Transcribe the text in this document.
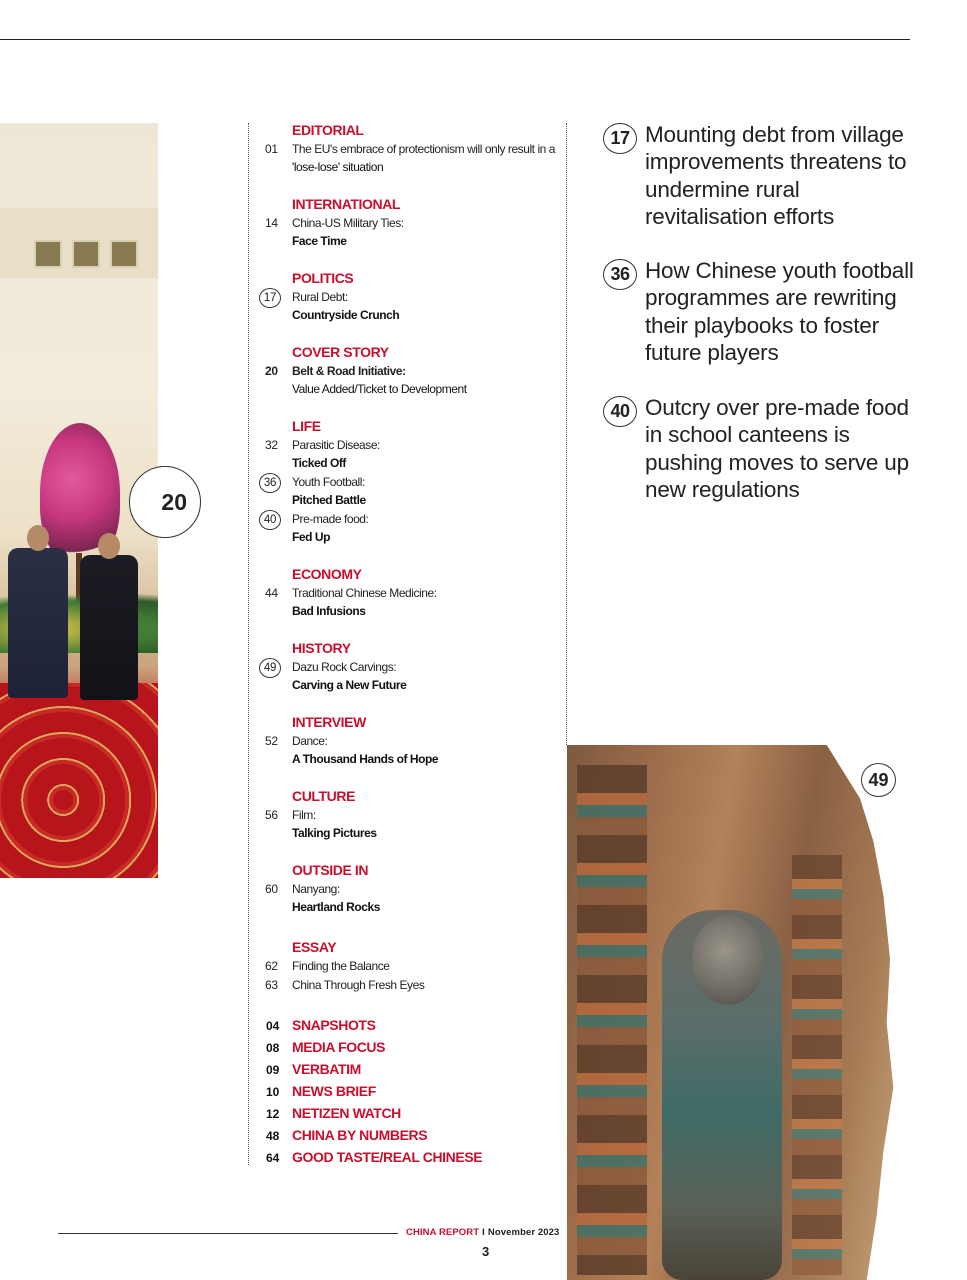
20
EDITORIAL
01	The EU's embrace of protectionism will only result in a
'lose-lose' situation
INTERNATIONAL
14	China-US Military Ties:
Face Time
POLITICS
17	Rural Debt:
Countryside Crunch
COVER STORY
20	Belt & Road Initiative:
Value Added/Ticket to Development
LIFE
32	Parasitic Disease:
Ticked Off
36	Youth Football:
Pitched Battle
40	Pre-made food:
Fed Up
ECONOMY
44	Traditional Chinese Medicine:
Bad Infusions
HISTORY
49	Dazu Rock Carvings:
Carving a New Future
INTERVIEW
52	Dance:
A Thousand Hands of Hope
CULTURE
56	Film:
Talking Pictures
OUTSIDE IN
60	Nanyang:
Heartland Rocks
ESSAY
62	Finding the Balance
63	China Through Fresh Eyes
04 SNAPSHOTS
08 MEDIA FOCUS
09 VERBATIM
10 NEWS BRIEF
12 NETIZEN WATCH
48 CHINA BY NUMBERS
64 GOOD TASTE/REAL CHINESE
17 Mounting debt from village improvements threatens to undermine rural revitalisation efforts
36 How Chinese youth football programmes are rewriting their playbooks to foster future players
40 Outcry over pre-made food in school canteens is pushing moves to serve up new regulations
49
CHINA REPORT I November 2023
3
